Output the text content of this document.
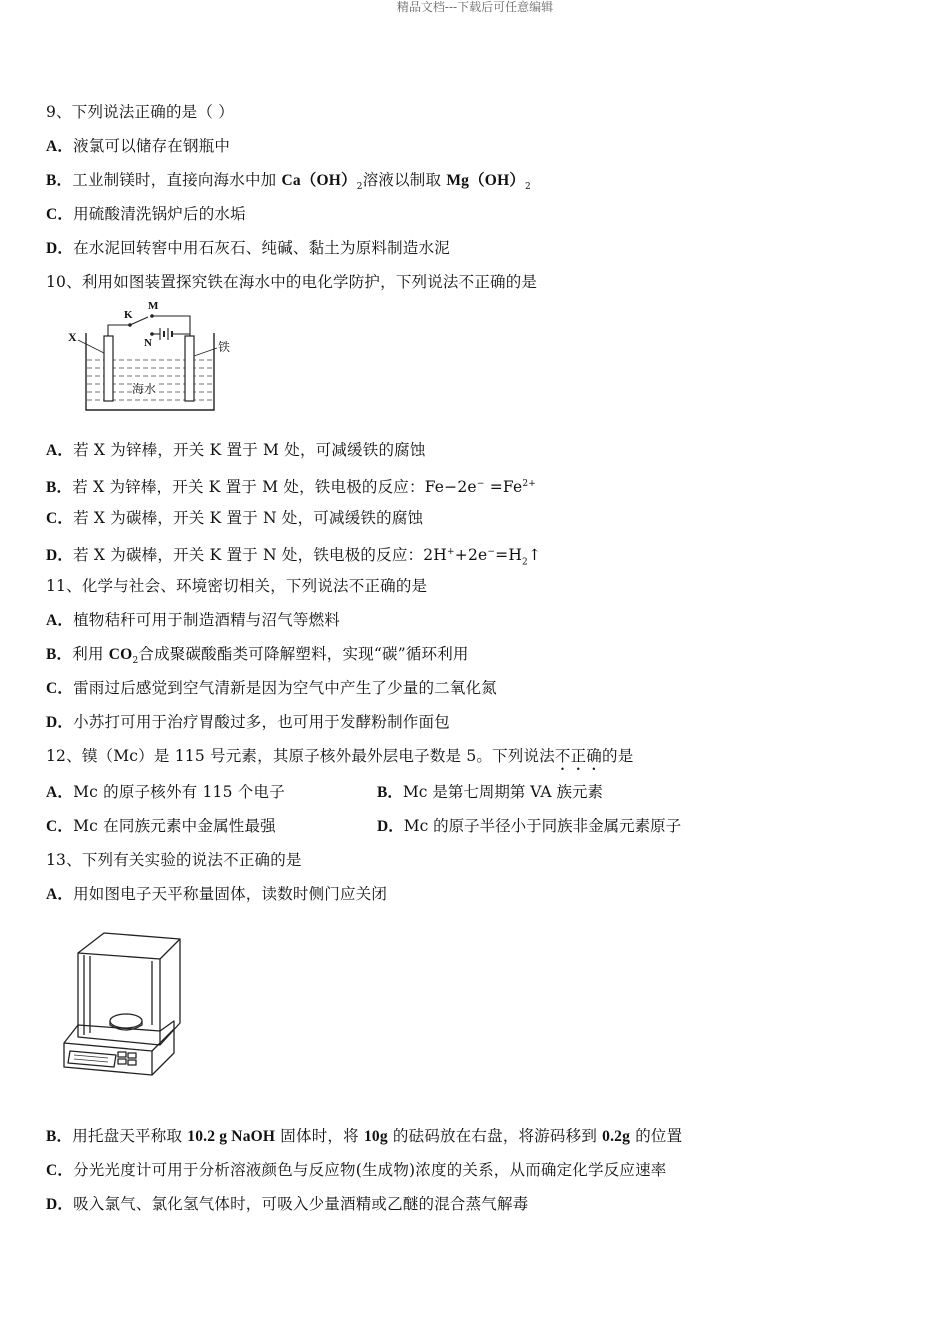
精品文档---下载后可任意编辑
9、下列说法正确的是（ ）
A．液氯可以储存在钢瓶中
B．工业制镁时，直接向海水中加 $Ca(OH)_2$溶液以制取 $Mg(OH)_2$
C．用硫酸清洗锅炉后的水垢
D．在水泥回转窖中用石灰石、纯碱、黏土为原料制造水泥
10、利用如图装置探究铁在海水中的电化学防护，下列说法不正确的是
X
K
M
N	铁
海水
A．若 X 为锌棒，开关 K 置于 M 处，可减缓铁的腐蚀
B．若 X 为锌棒，开关 K 置于 M 处，铁电极的反应：$Fe-2e^- =Fe^{2+}$
C．若 X 为碳棒，开关 K 置于 N 处，可减缓铁的腐蚀
D．若 X 为碳棒，开关 K 置于 N 处，铁电极的反应：$2H^++2e^-=H_2↑$
11、化学与社会、环境密切相关，下列说法不正确的是
A．植物秸秆可用于制造酒精与沼气等燃料
B．利用 $CO_2$合成聚碳酸酯类可降解塑料，实现“碳”循环利用
C．雷雨过后感觉到空气清新是因为空气中产生了少量的二氧化氮
D．小苏打可用于治疗胃酸过多，也可用于发酵粉制作面包
12、镆（Mc）是 115 号元素，其原子核外最外层电子数是 5。下列说法不正确的是
A．Mc 的原子核外有 115 个电子	B．Mc 是第七周期第 VA 族元素
C．Mc 在同族元素中金属性最强	D．Mc 的原子半径小于同族非金属元素原子
13、下列有关实验的说法不正确的是
A．用如图电子天平称量固体，读数时侧门应关闭
B．用托盘天平称取 10.2 g NaOH 固体时，将 10g 的砝码放在右盘，将游码移到 0.2g 的位置
C．分光光度计可用于分析溶液颜色与反应物(生成物)浓度的关系，从而确定化学反应速率
D．吸入氯气、氯化氢气体时，可吸入少量酒精或乙醚的混合蒸气解毒
